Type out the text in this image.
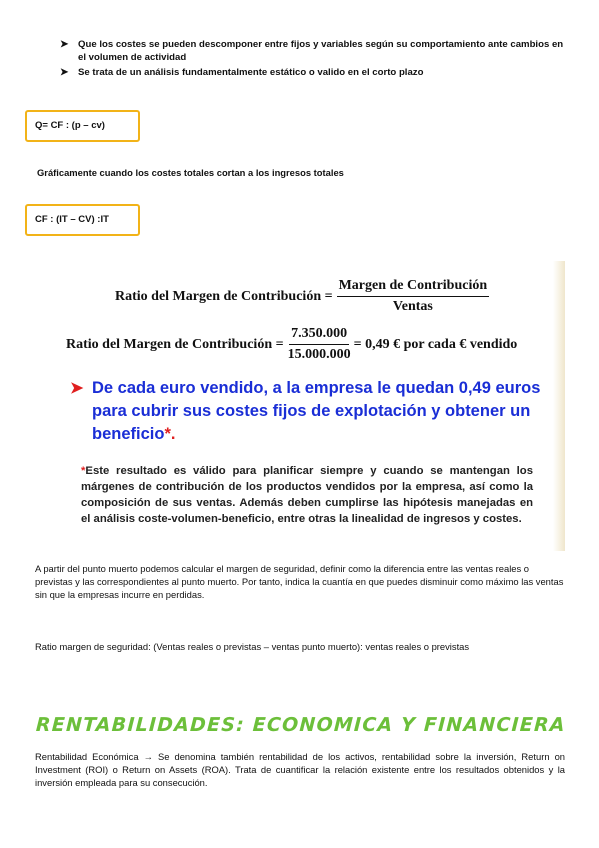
➤ Que los costes se pueden descomponer entre fijos y variables según su comportamiento ante cambios en el volumen de actividad
➤ Se trata de un análisis fundamentalmente estático o valido en el corto plazo
Q= CF : (p – cv)
Gráficamente cuando los costes totales cortan a los ingresos totales
CF : (IT – CV) :IT
Ratio del Margen de Contribución = $\frac{\text{Margen de Contribución}}{\text{Ventas}}$
Ratio del Margen de Contribución = $\frac{7.350.000}{15.000.000} = 0,49$ € por cada € vendido
➤ De cada euro vendido, a la empresa le quedan 0,49 euros para cubrir sus costes fijos de explotación y obtener un beneficio*.
*Este resultado es válido para planificar siempre y cuando se mantengan los márgenes de contribución de los productos vendidos por la empresa, así como la composición de sus ventas. Además deben cumplirse las hipótesis manejadas en el análisis coste-volumen-beneficio, entre otras la linealidad de ingresos y costes.
A partir del punto muerto podemos calcular el margen de seguridad, definir como la diferencia entre las ventas reales o previstas y las correspondientes al punto muerto. Por tanto, indica la cuantía en que puedes disminuir como máximo las ventas sin que la empresas incurre en perdidas.
Ratio margen de seguridad: (Ventas reales o previstas – ventas punto muerto): ventas reales o previstas
RENTABILIDADES: ECONOMICA Y FINANCIERA
Rentabilidad Económica → Se denomina también rentabilidad de los activos, rentabilidad sobre la inversión, Return on Investment (ROI) o Return on Assets (ROA). Trata de cuantificar la relación existente entre los resultados obtenidos y la inversión empleada para su consecución.
